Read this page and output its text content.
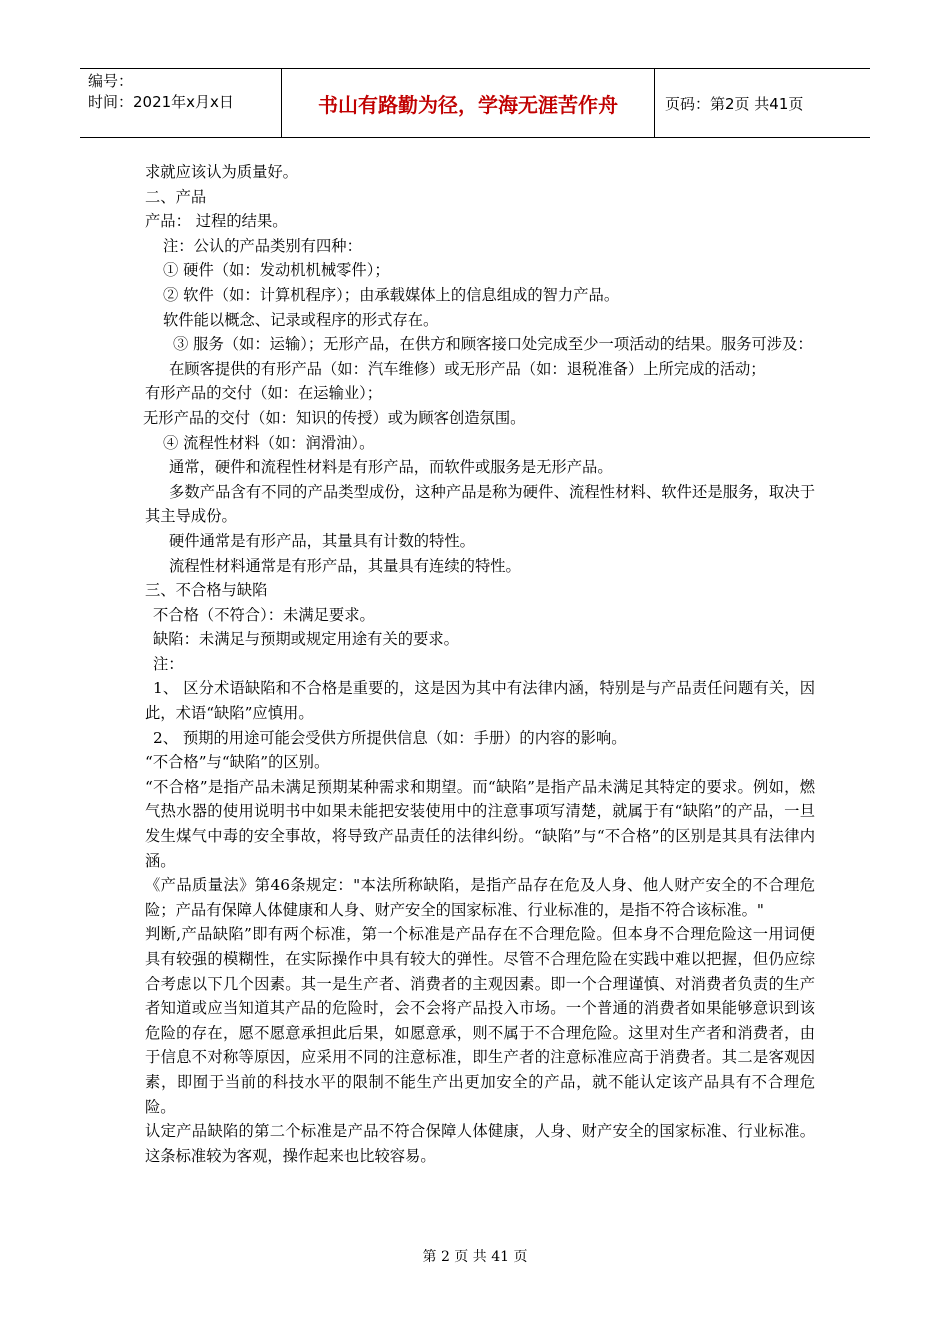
编号：
时间：2021年x月x日	书山有路勤为径，学海无涯苦作舟	页码：第2页 共41页

求就应该认为质量好。

二、产品

产品： 过程的结果。

注：公认的产品类别有四种：

① 硬件（如：发动机机械零件）；

② 软件（如：计算机程序）；由承载媒体上的信息组成的智力产品。

软件能以概念、记录或程序的形式存在。

③ 服务（如：运输）；无形产品，在供方和顾客接口处完成至少一项活动的结果。服务可涉及：

在顾客提供的有形产品（如：汽车维修）或无形产品（如：退税准备）上所完成的活动；

有形产品的交付（如：在运输业）；

无形产品的交付（如：知识的传授）或为顾客创造氛围。

④ 流程性材料（如：润滑油）。

通常，硬件和流程性材料是有形产品，而软件或服务是无形产品。

多数产品含有不同的产品类型成份，这种产品是称为硬件、流程性材料、软件还是服务，取决于其主导成份。

硬件通常是有形产品，其量具有计数的特性。

流程性材料通常是有形产品，其量具有连续的特性。

三、不合格与缺陷

不合格（不符合）：未满足要求。

缺陷：未满足与预期或规定用途有关的要求。

注：

1、 区分术语缺陷和不合格是重要的，这是因为其中有法律内涵，特别是与产品责任问题有关，因此，术语“缺陷”应慎用。

2、 预期的用途可能会受供方所提供信息（如：手册）的内容的影响。

“不合格”与“缺陷”的区别。

“不合格”是指产品未满足预期某种需求和期望。而“缺陷”是指产品未满足其特定的要求。例如，燃气热水器的使用说明书中如果未能把安装使用中的注意事项写清楚，就属于有“缺陷”的产品，一旦发生煤气中毒的安全事故，将导致产品责任的法律纠纷。“缺陷”与“不合格”的区别是其具有法律内涵。

《产品质量法》第46条规定："本法所称缺陷，是指产品存在危及人身、他人财产安全的不合理危险；产品有保障人体健康和人身、财产安全的国家标准、行业标准的，是指不符合该标准。"

判断,产品缺陷”即有两个标准，第一个标准是产品存在不合理危险。但本身不合理危险这一用词便具有较强的模糊性，在实际操作中具有较大的弹性。尽管不合理危险在实践中难以把握，但仍应综合考虑以下几个因素。其一是生产者、消费者的主观因素。即一个合理谨慎、对消费者负责的生产者知道或应当知道其产品的危险时，会不会将产品投入市场。一个普通的消费者如果能够意识到该危险的存在，愿不愿意承担此后果，如愿意承，则不属于不合理危险。这里对生产者和消费者，由于信息不对称等原因，应采用不同的注意标准，即生产者的注意标准应高于消费者。其二是客观因素，即囿于当前的科技水平的限制不能生产出更加安全的产品，就不能认定该产品具有不合理危险。

认定产品缺陷的第二个标准是产品不符合保障人体健康，人身、财产安全的国家标准、行业标准。这条标准较为客观，操作起来也比较容易。

第 2 页 共 41 页
